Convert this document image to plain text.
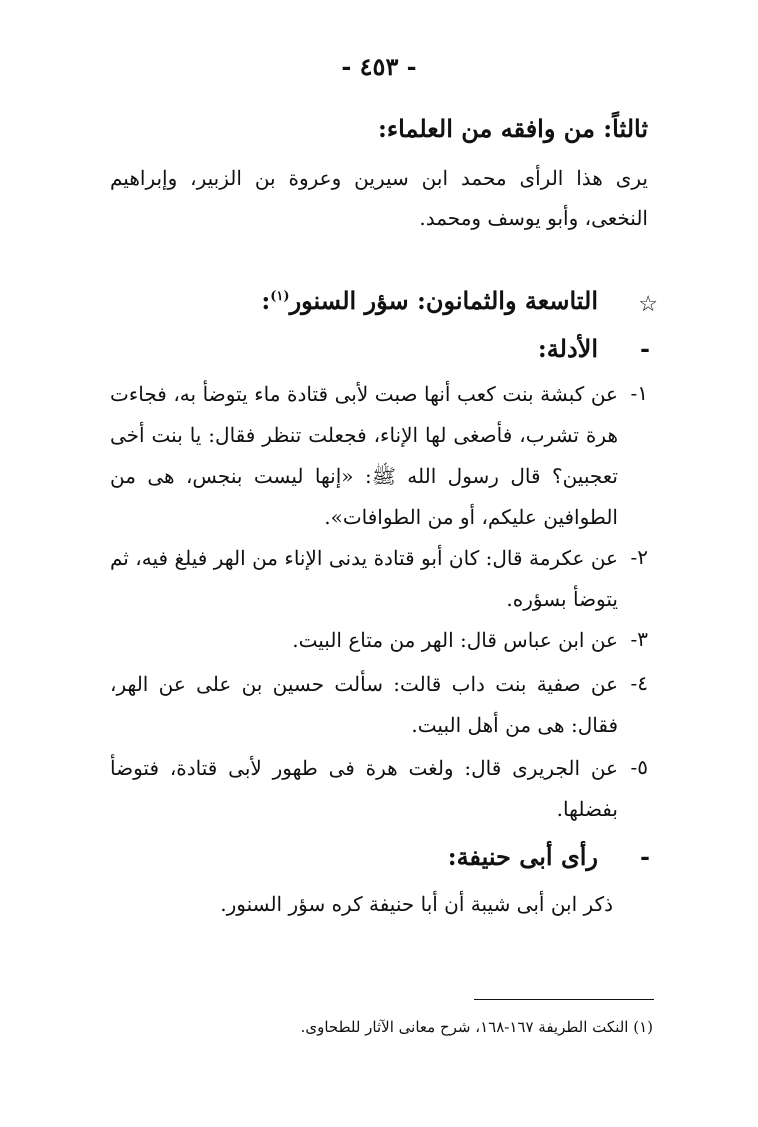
- ٤٥٣ -
ثالثاً: من وافقه من العلماء:
يرى هذا الرأى محمد ابن سيرين وعروة بن الزبير، وإبراهيم النخعى، وأبو يوسف ومحمد.
☆
التاسعة والثمانون: سؤر السنور$^{(١)}$:
-
الأدلة:
١-
عن كبشة بنت كعب أنها صبت لأبى قتادة ماء يتوضأ به، فجاءت هرة تشرب، فأصغى لها الإناء، فجعلت تنظر فقال: يا بنت أخى تعجبين؟ قال رسول الله ﷺ: «إنها ليست بنجس، هى من الطوافين عليكم، أو من الطوافات».
٢-
عن عكرمة قال: كان أبو قتادة يدنى الإناء من الهر فيلغ فيه، ثم يتوضأ بسؤره.
٣-
عن ابن عباس قال: الهر من متاع البيت.
٤-
عن صفية بنت داب قالت: سألت حسين بن على عن الهر، فقال: هى من أهل البيت.
٥-
عن الجريرى قال: ولغت هرة فى طهور لأبى قتادة، فتوضأ بفضلها.
-
رأى أبى حنيفة:
ذكر ابن أبى شيبة أن أبا حنيفة كره سؤر السنور.
(١) النكت الطريفة ١٦٧-١٦٨، شرح معانى الآثار للطحاوى.
